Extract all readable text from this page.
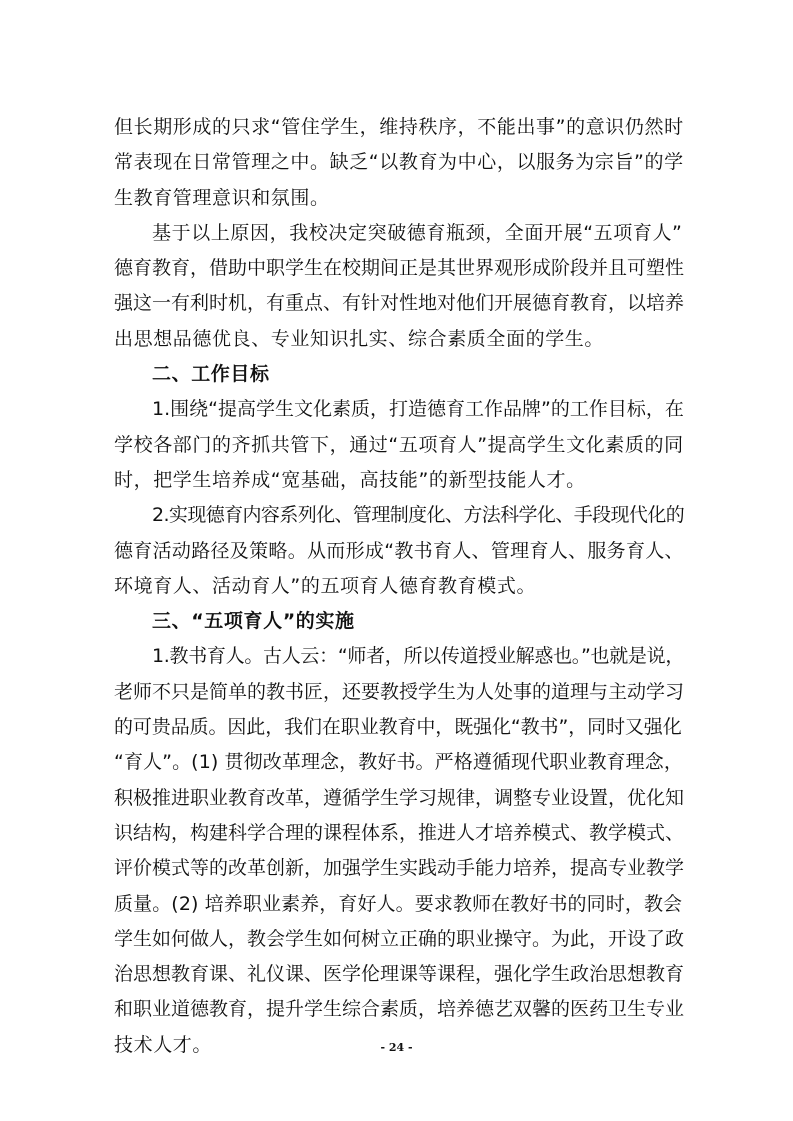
但长期形成的只求“管住学生，维持秩序，不能出事”的意识仍然时
常表现在日常管理之中。缺乏“以教育为中心，以服务为宗旨”的学
生教育管理意识和氛围。
基于以上原因，我校决定突破德育瓶颈，全面开展“五项育人”
德育教育，借助中职学生在校期间正是其世界观形成阶段并且可塑性
强这一有利时机，有重点、有针对性地对他们开展德育教育，以培养
出思想品德优良、专业知识扎实、综合素质全面的学生。
二、工作目标
1.围绕“提高学生文化素质，打造德育工作品牌”的工作目标，在
学校各部门的齐抓共管下，通过“五项育人”提高学生文化素质的同
时，把学生培养成“宽基础，高技能”的新型技能人才。
2.实现德育内容系列化、管理制度化、方法科学化、手段现代化的
德育活动路径及策略。从而形成“教书育人、管理育人、服务育人、
环境育人、活动育人”的五项育人德育教育模式。
三、“五项育人”的实施
1.教书育人。古人云：“师者，所以传道授业解惑也。”也就是说，
老师不只是简单的教书匠，还要教授学生为人处事的道理与主动学习
的可贵品质。因此，我们在职业教育中，既强化“教书”，同时又强化
“育人”。(1) 贯彻改革理念，教好书。严格遵循现代职业教育理念，
积极推进职业教育改革，遵循学生学习规律，调整专业设置，优化知
识结构，构建科学合理的课程体系，推进人才培养模式、教学模式、
评价模式等的改革创新，加强学生实践动手能力培养，提高专业教学
质量。(2) 培养职业素养，育好人。要求教师在教好书的同时，教会
学生如何做人，教会学生如何树立正确的职业操守。为此，开设了政
治思想教育课、礼仪课、医学伦理课等课程，强化学生政治思想教育
和职业道德教育，提升学生综合素质，培养德艺双馨的医药卫生专业
技术人才。	- 24 -
